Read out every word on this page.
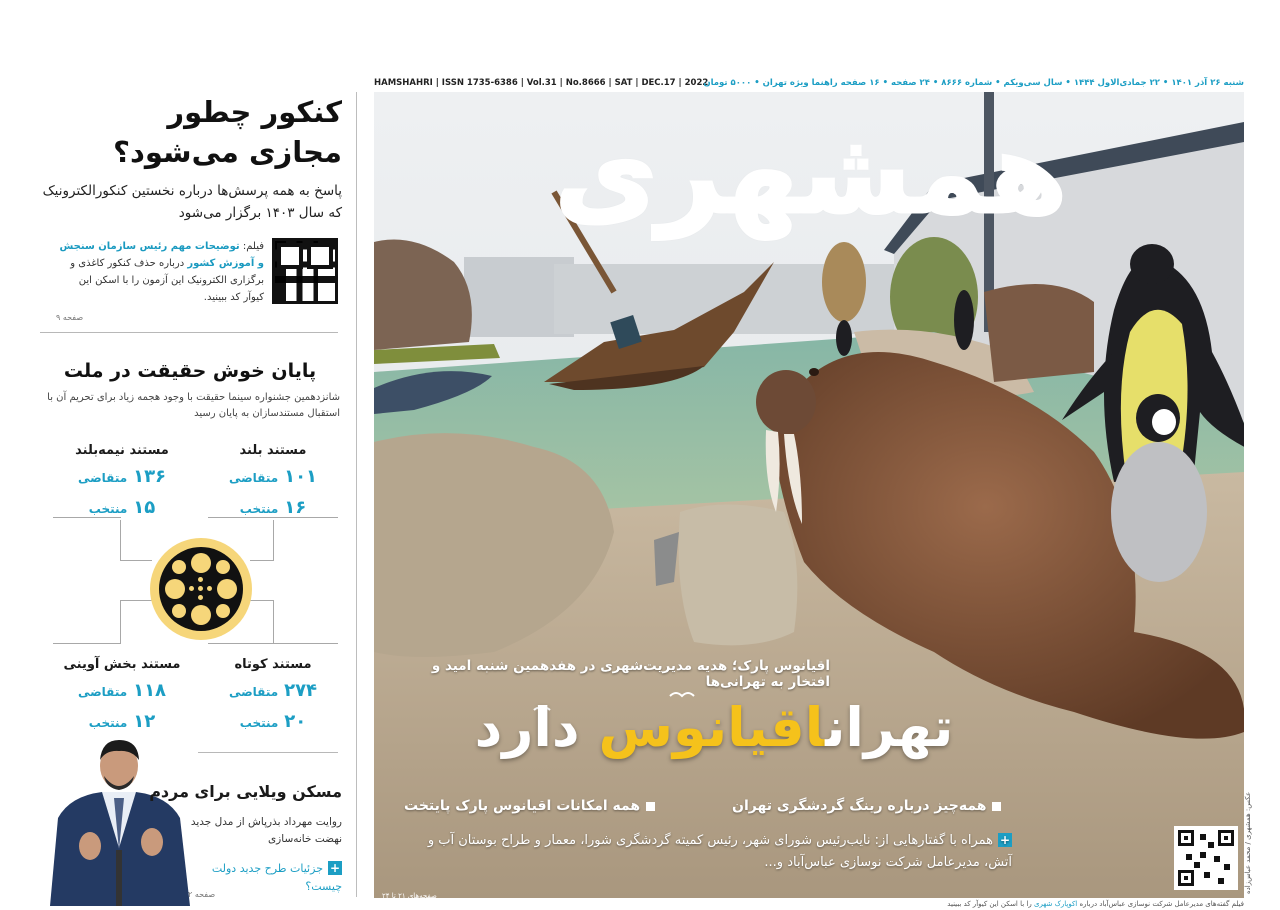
کنکور چطور
مجازی می‌شود؟
پاسخ به همه پرسش‌ها درباره نخستین کنکورالکترونیک که سال ۱۴۰۳ برگزار می‌شود
فیلم: توضیحات مهم رئیس سازمان سنجش و آموزش کشور درباره حذف کنکور کاغذی و برگزاری الکترونیک این آزمون را با اسکن این کیوآر کد ببینید.
صفحه ۹
پایان خوش حقیقت در ملت
شانزدهمین جشنواره سینما حقیقت با وجود هجمه زیاد برای تحریم آن با استقبال مستندسازان به پایان رسید
مستند بلند
۱۰۱ متقاضی
۱۶ منتخب
مستند نیمه‌بلند
۱۳۶ متقاضی
۱۵ منتخب
مستند کوتاه
۲۷۴ متقاضی
۲۰ منتخب
مستند بخش آوینی
۱۱۸ متقاضی
۱۲ منتخب
مسکن ویلایی برای مردم
روایت مهرداد بذرپاش از مدل جدید نهضت خانه‌سازی
+جزئیات طرح جدید دولت چیست؟
صفحه ۲
HAMSHAHRI | ISSN 1735-6386 | Vol.31 | No.8666 | SAT | DEC.17 | 2022	شنبه ۲۶ آذر ۱۴۰۱ • ۲۲ جمادی‌الاول ۱۴۴۴ • سال سی‌ویکم • شماره ۸۶۶۶ • ۲۴ صفحه • ۱۶ صفحه راهنما ویژه تهران • ۵۰۰۰ تومان
همشهری
اقیانوس پارک؛ هدیه مدیریت‌شهری در هفدهمین شنبه امید و افتخار به تهرانی‌ها
تهراناقیانوس دارد
همه‌چیز درباره رینگ گردشگری تهران
همه امکانات اقیانوس پارک پایتخت
+همراه با گفتارهایی از: نایب‌رئیس شورای شهر، رئیس کمیته گردشگری شورا، معمار و طراح بوستان آب و آتش، مدیرعامل شرکت نوسازی عباس‌آباد و...
صفحه‌های ۲۱ تا ۲۴
عکس: همشهری / محمد عباس‌زاده
فیلم گفته‌های مدیرعامل شرکت نوسازی عباس‌آباد درباره اکوپارک شهری را با اسکن این کیوآر کد ببینید
